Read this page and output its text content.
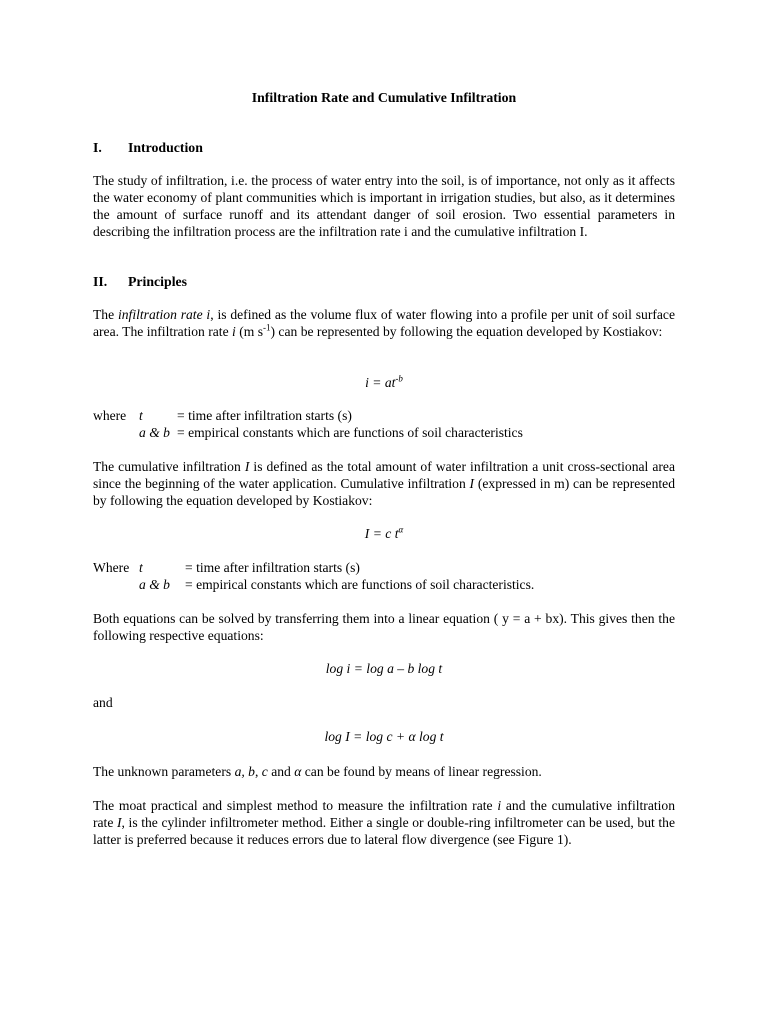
Infiltration Rate and Cumulative Infiltration
I. Introduction
The study of infiltration, i.e. the process of water entry into the soil, is of importance, not only as it affects the water economy of plant communities which is important in irrigation studies, but also, as it determines the amount of surface runoff and its attendant danger of soil erosion. Two essential parameters in describing the infiltration process are the infiltration rate i and the cumulative infiltration I.
II. Principles
The infiltration rate i, is defined as the volume flux of water flowing into a profile per unit of soil surface area. The infiltration rate i (m $s^{-1}$) can be represented by following the equation developed by Kostiakov:
$i = at^{-b}$
where t	= time after infiltration starts (s)
a & b = empirical constants which are functions of soil characteristics
The cumulative infiltration I is defined as the total amount of water infiltration a unit cross-sectional area since the beginning of the water application. Cumulative infiltration I (expressed in m) can be represented by following the equation developed by Kostiakov:
I = c $t^\alpha$
Where t	= time after infiltration starts (s)
a & b = empirical constants which are functions of soil characteristics.
Both equations can be solved by transferring them into a linear equation ( y = a + bx). This gives then the following respective equations:
log i = log a – b log t
and
log I = log c + α log t
The unknown parameters a, b, c and α can be found by means of linear regression.
The moat practical and simplest method to measure the infiltration rate i and the cumulative infiltration rate I, is the cylinder infiltrometer method. Either a single or double-ring infiltrometer can be used, but the latter is preferred because it reduces errors due to lateral flow divergence (see Figure 1).
